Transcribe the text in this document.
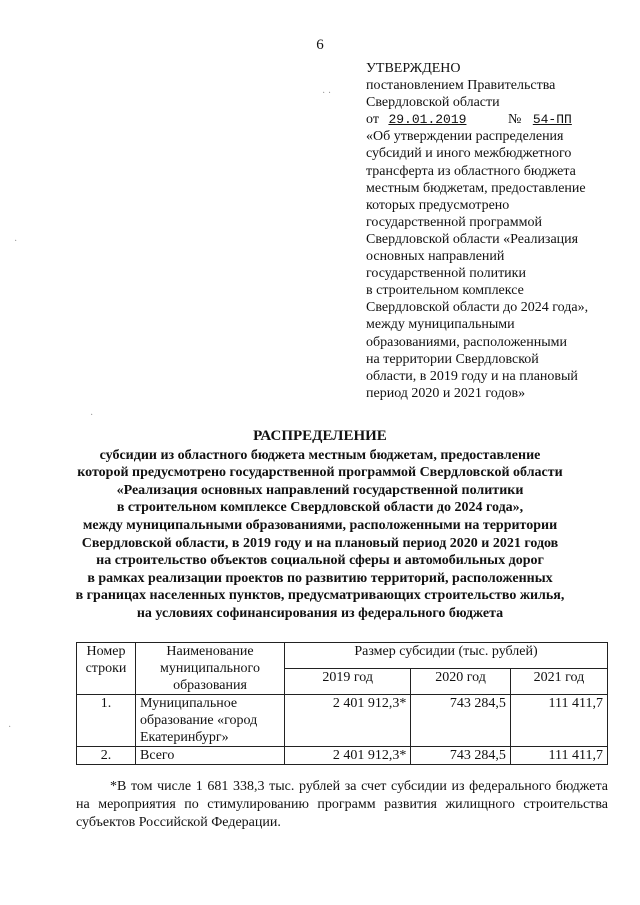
6
УТВЕРЖДЕНО
постановлением Правительства
Свердловской области
от 29.01.2019	№ 54-ПП
«Об утверждении распределения
субсидий и иного межбюджетного
трансферта из областного бюджета
местным бюджетам, предоставление
которых предусмотрено
государственной программой
Свердловской области «Реализация
основных направлений
государственной политики
в строительном комплексе
Свердловской области до 2024 года»,
между муниципальными
образованиями, расположенными
на территории Свердловской
области, в 2019 году и на плановый
период 2020 и 2021 годов»
РАСПРЕДЕЛЕНИЕ
субсидии из областного бюджета местным бюджетам, предоставление
которой предусмотрено государственной программой Свердловской области
«Реализация основных направлений государственной политики
в строительном комплексе Свердловской области до 2024 года»,
между муниципальными образованиями, расположенными на территории
Свердловской области, в 2019 году и на плановый период 2020 и 2021 годов
на строительство объектов социальной сферы и автомобильных дорог
в рамках реализации проектов по развитию территорий, расположенных
в границах населенных пунктов, предусматривающих строительство жилья,
на условиях софинансирования из федерального бюджета
Номер строки	Наименование муниципального образования	Размер субсидии (тыс. рублей)		
		2019 год	2020 год	2021 год
1.	Муниципальное образование «город Екатеринбург»	2 401 912,3*	743 284,5	111 411,7
2.	Всего	2 401 912,3*	743 284,5	111 411,7
*В том числе 1 681 338,3 тыс. рублей за счет субсидии из федерального бюджета на мероприятия по стимулированию программ развития жилищного строительства субъектов Российской Федерации.
· ·
·
·
·
